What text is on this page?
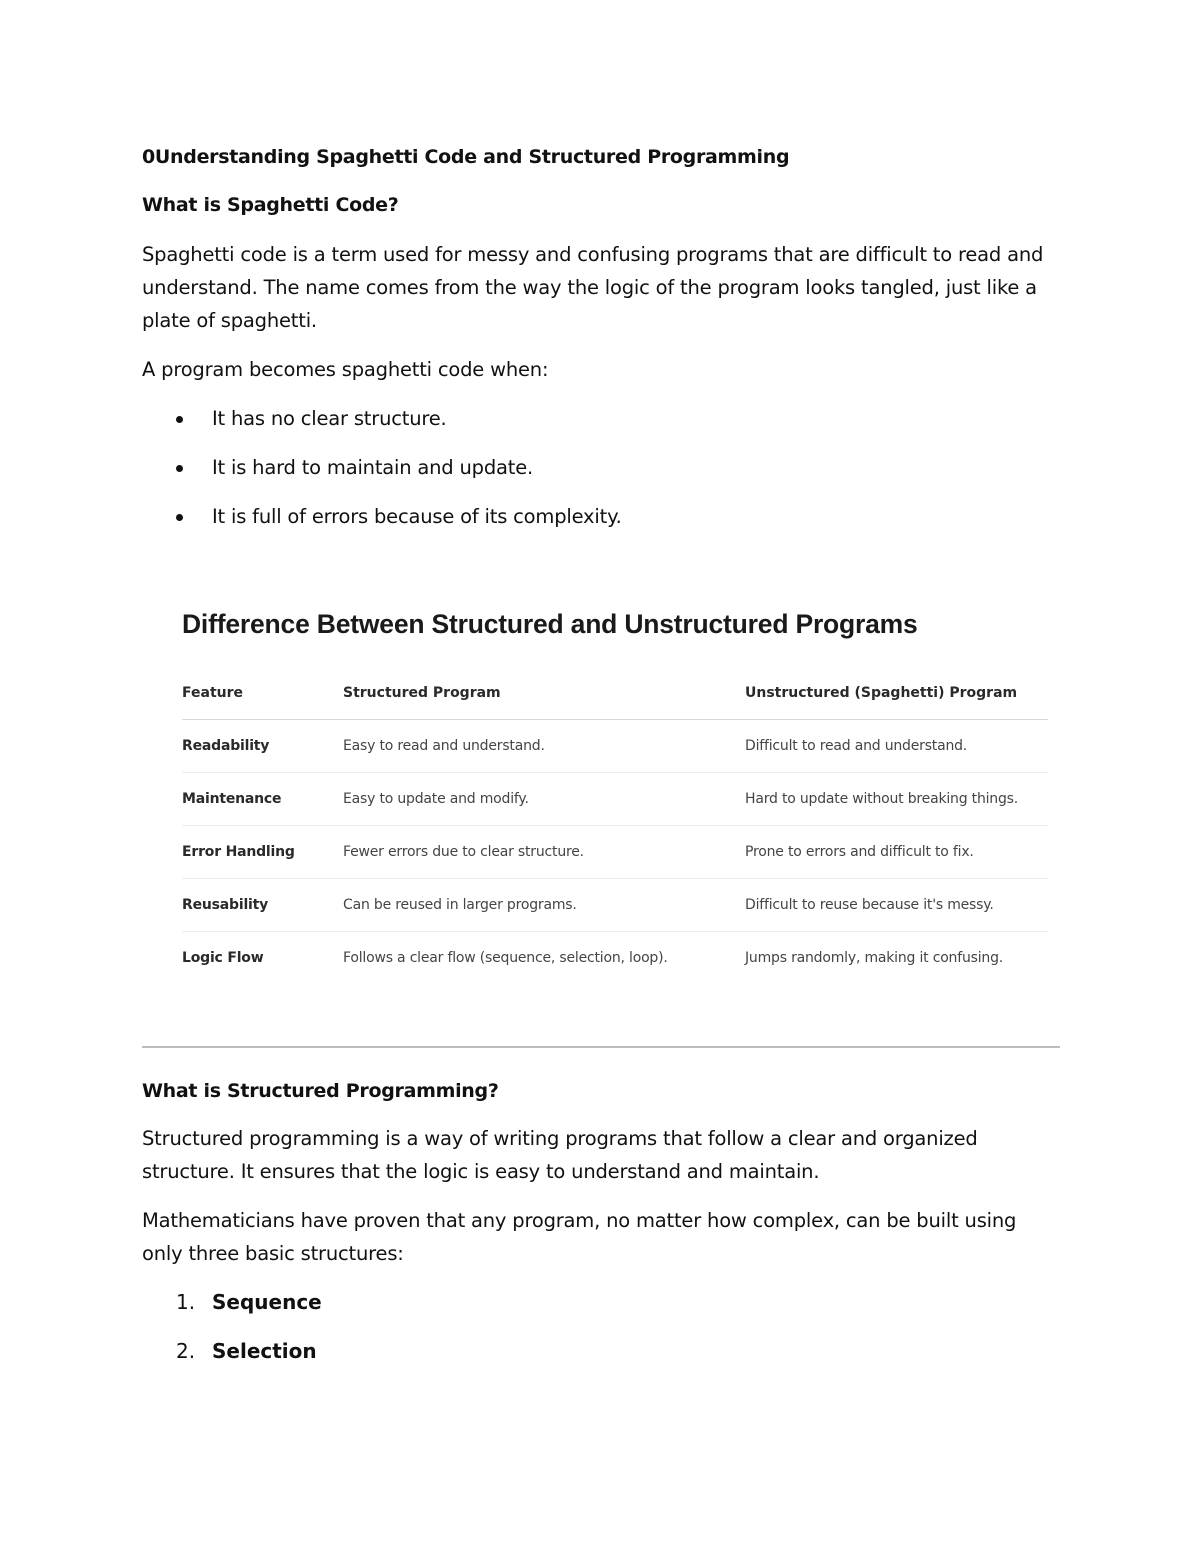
0Understanding Spaghetti Code and Structured Programming

What is Spaghetti Code?

Spaghetti code is a term used for messy and confusing programs that are difficult to read and understand. The name comes from the way the logic of the program looks tangled, just like a plate of spaghetti.

A program becomes spaghetti code when:

It has no clear structure.
It is hard to maintain and update.
It is full of errors because of its complexity.

Difference Between Structured and Unstructured Programs

Feature	Structured Program	Unstructured (Spaghetti) Program
Readability	Easy to read and understand.	Difficult to read and understand.
Maintenance	Easy to update and modify.	Hard to update without breaking things.
Error Handling	Fewer errors due to clear structure.	Prone to errors and difficult to fix.
Reusability	Can be reused in larger programs.	Difficult to reuse because it's messy.
Logic Flow	Follows a clear flow (sequence, selection, loop).	Jumps randomly, making it confusing.

What is Structured Programming?

Structured programming is a way of writing programs that follow a clear and organized structure. It ensures that the logic is easy to understand and maintain.

Mathematicians have proven that any program, no matter how complex, can be built using only three basic structures:

1. Sequence
2. Selection
